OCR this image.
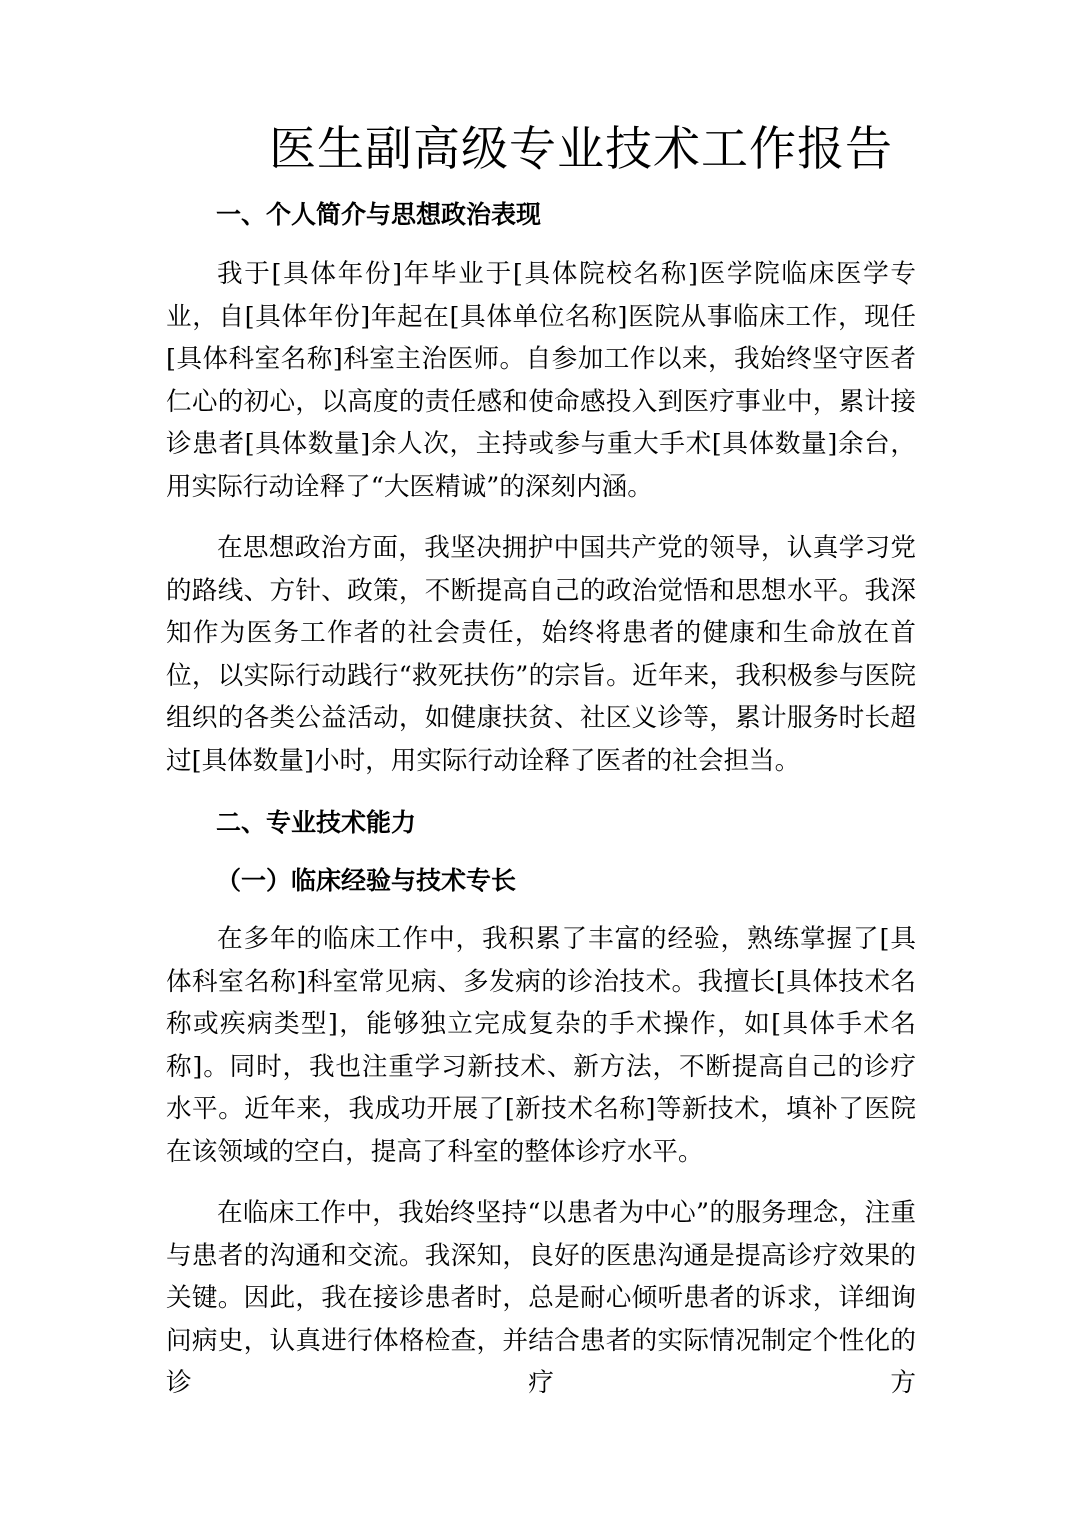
医生副高级专业技术工作报告
一、个人简介与思想政治表现

我于[具体年份]年毕业于[具体院校名称]医学院临床医学专业，自[具体年份]年起在[具体单位名称]医院从事临床工作，现任[具体科室名称]科室主治医师。自参加工作以来，我始终坚守医者仁心的初心，以高度的责任感和使命感投入到医疗事业中，累计接诊患者[具体数量]余人次，主持或参与重大手术[具体数量]余台，用实际行动诠释了“大医精诚”的深刻内涵。

在思想政治方面，我坚决拥护中国共产党的领导，认真学习党的路线、方针、政策，不断提高自己的政治觉悟和思想水平。我深知作为医务工作者的社会责任，始终将患者的健康和生命放在首位，以实际行动践行“救死扶伤”的宗旨。近年来，我积极参与医院组织的各类公益活动，如健康扶贫、社区义诊等，累计服务时长超过[具体数量]小时，用实际行动诠释了医者的社会担当。

二、专业技术能力
（一）临床经验与技术专长

在多年的临床工作中，我积累了丰富的经验，熟练掌握了[具体科室名称]科室常见病、多发病的诊治技术。我擅长[具体技术名称或疾病类型]，能够独立完成复杂的手术操作，如[具体手术名称]。同时，我也注重学习新技术、新方法，不断提高自己的诊疗水平。近年来，我成功开展了[新技术名称]等新技术，填补了医院在该领域的空白，提高了科室的整体诊疗水平。

在临床工作中，我始终坚持“以患者为中心”的服务理念，注重与患者的沟通和交流。我深知，良好的医患沟通是提高诊疗效果的关键。因此，我在接诊患者时，总是耐心倾听患者的诉求，详细询问病史，认真进行体格检查，并结合患者的实际情况制定个性化的诊疗方
